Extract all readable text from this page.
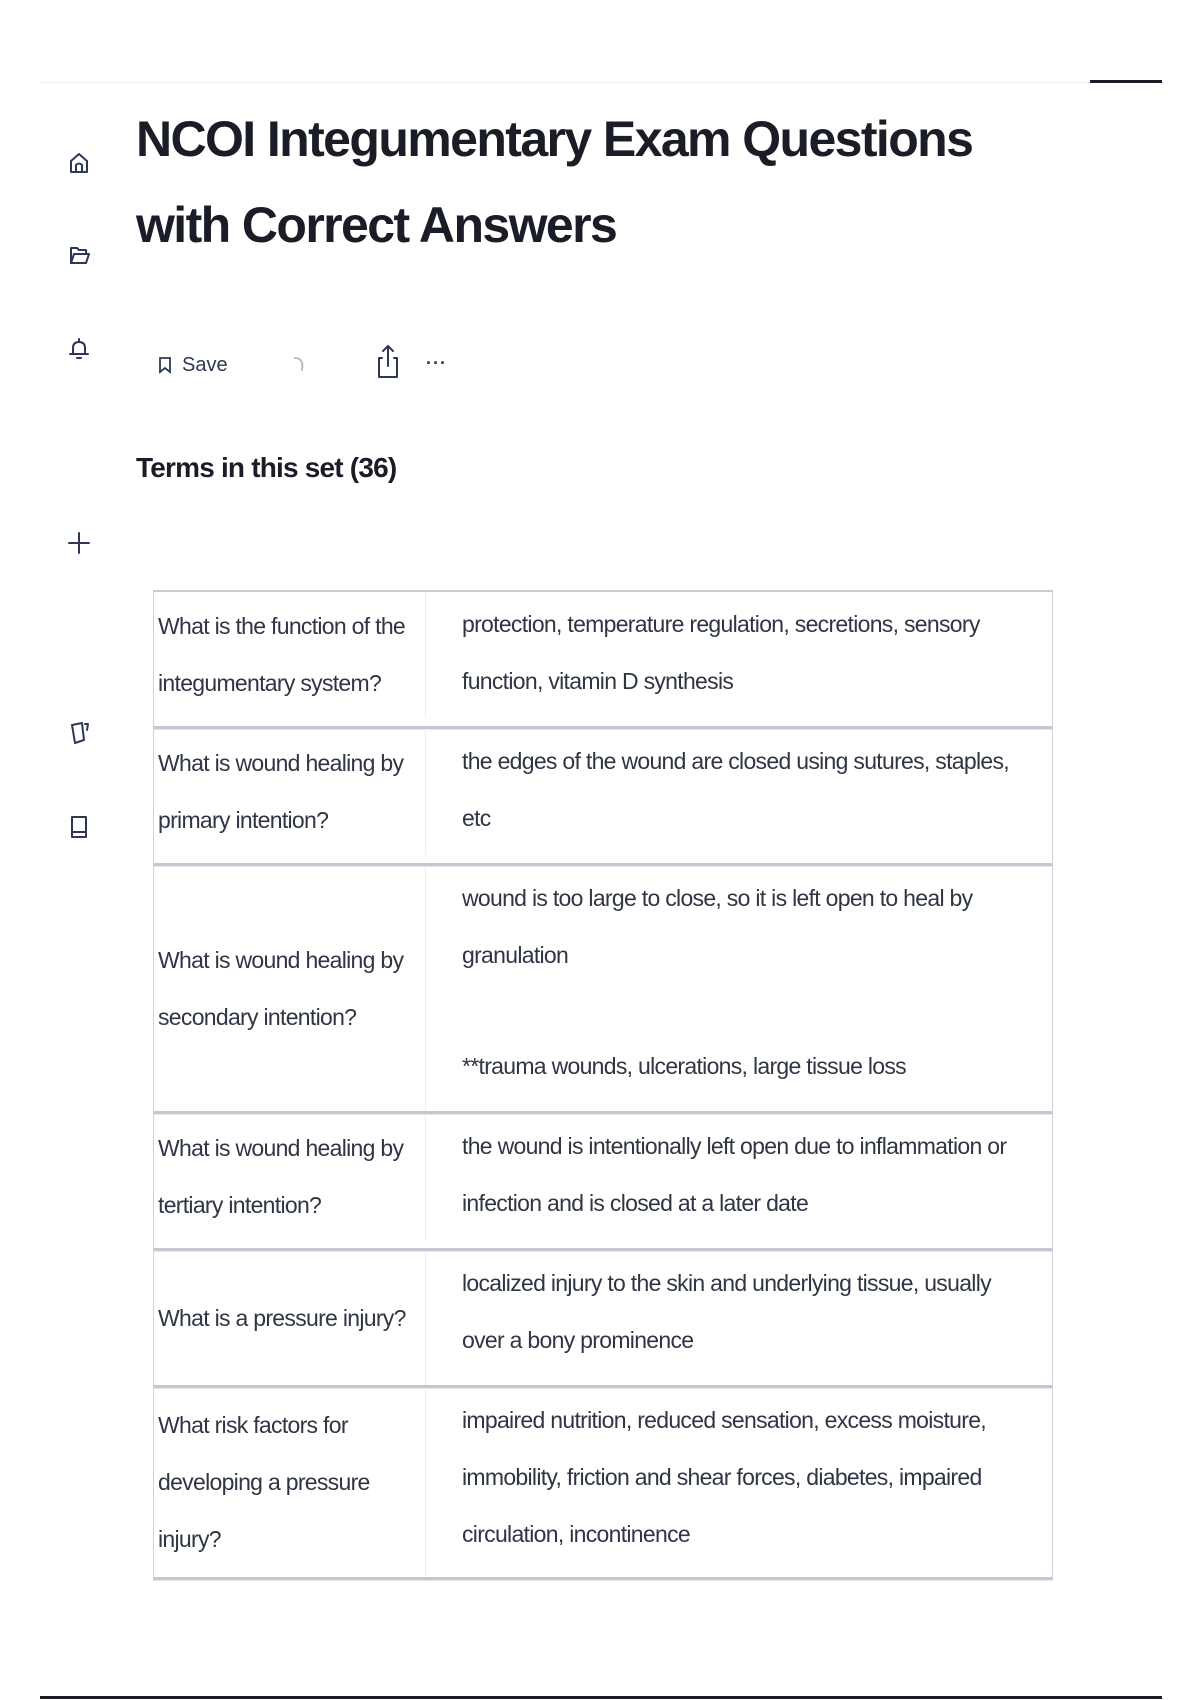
NCOI Integumentary Exam Questions with Correct Answers
Save	···
Terms in this set (36)
What is the function of the integumentary system?
protection, temperature regulation, secretions, sensory function, vitamin D synthesis
What is wound healing by primary intention?
the edges of the wound are closed using sutures, staples, etc
What is wound healing by secondary intention?
wound is too large to close, so it is left open to heal by granulation
**trauma wounds, ulcerations, large tissue loss
What is wound healing by tertiary intention?
the wound is intentionally left open due to inflammation or infection and is closed at a later date
What is a pressure injury?
localized injury to the skin and underlying tissue, usually over a bony prominence
What risk factors for developing a pressure injury?
impaired nutrition, reduced sensation, excess moisture, immobility, friction and shear forces, diabetes, impaired circulation, incontinence
